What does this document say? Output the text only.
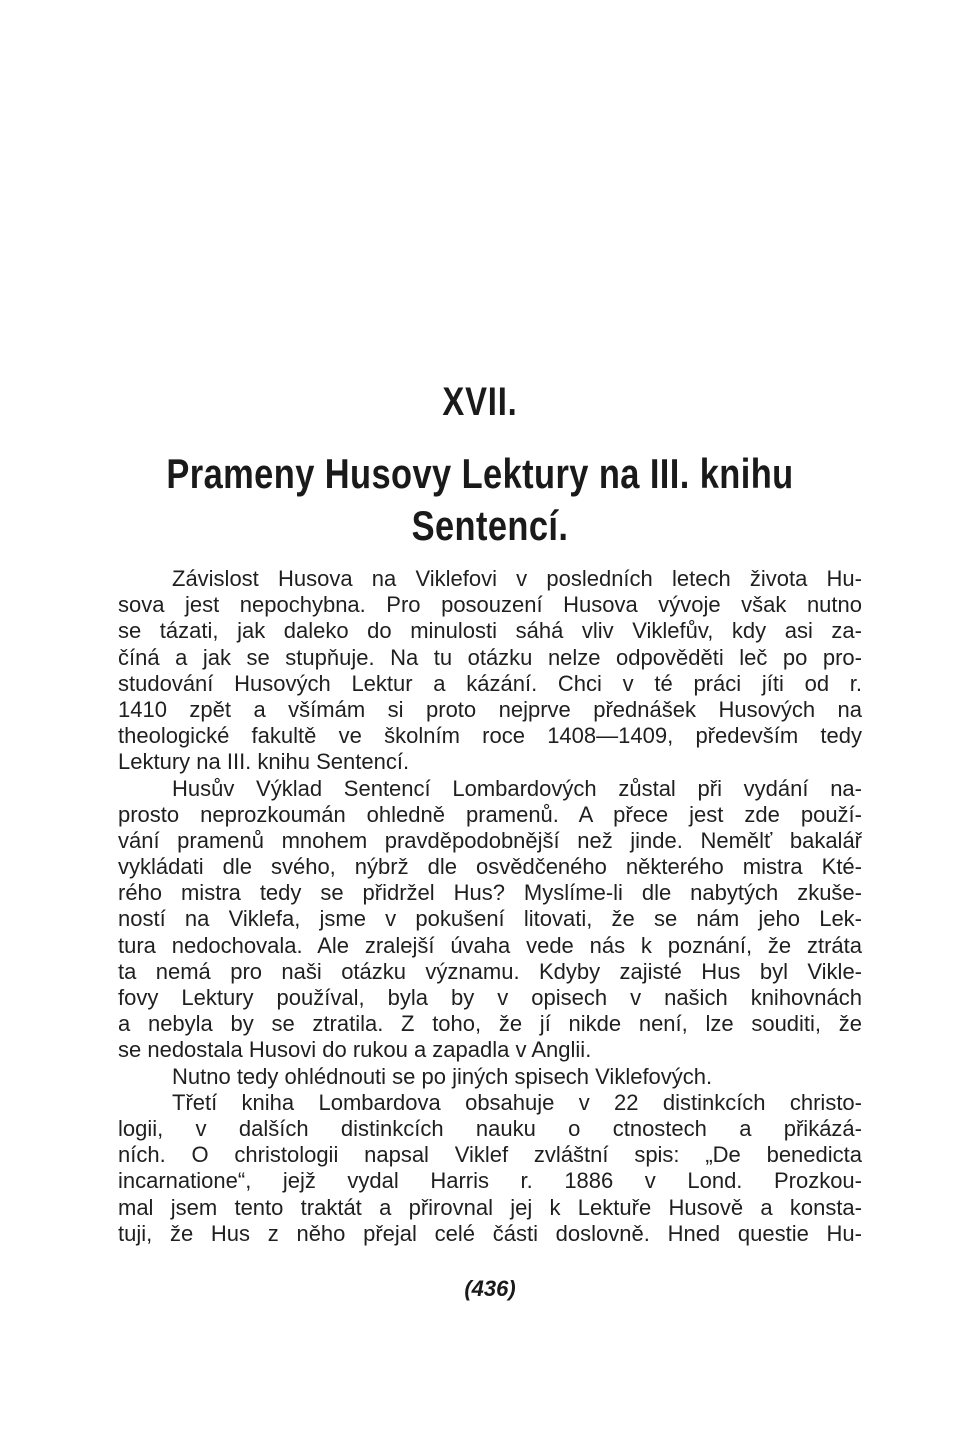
XVII.
Prameny Husovy Lektury na III. knihu
Sentencí.
Závislost Husova na Viklefovi v posledních letech života Hu-
sova jest nepochybna. Pro posouzení Husova vývoje však nutno
se tázati, jak daleko do minulosti sáhá vliv Viklefův, kdy asi za-
číná a jak se stupňuje. Na tu otázku nelze odpověděti leč po pro-
studování Husových Lektur a kázání. Chci v té práci jíti od r.
1410 zpět a všímám si proto nejprve přednášek Husových na
theologické fakultě ve školním roce 1408—1409, především tedy
Lektury na III. knihu Sentencí.
Husův Výklad Sentencí Lombardových zůstal při vydání na-
prosto neprozkoumán ohledně pramenů. A přece jest zde použí-
vání pramenů mnohem pravděpodobnější než jinde. Nemělť bakalář
vykládati dle svého, nýbrž dle osvědčeného některého mistra Kté-
rého mistra tedy se přidržel Hus? Myslíme-li dle nabytých zkuše-
ností na Viklefa, jsme v pokušení litovati, že se nám jeho Lek-
tura nedochovala. Ale zralejší úvaha vede nás k poznání, že ztráta
ta nemá pro naši otázku významu. Kdyby zajisté Hus byl Vikle-
fovy Lektury používal, byla by v opisech v našich knihovnách
a nebyla by se ztratila. Z toho, že jí nikde není, lze souditi, že
se nedostala Husovi do rukou a zapadla v Anglii.
Nutno tedy ohlédnouti se po jiných spisech Viklefových.
Třetí kniha Lombardova obsahuje v 22 distinkcích christo-
logii, v dalších distinkcích nauku o ctnostech a přikázá-
ních. O christologii napsal Viklef zvláštní spis: „De benedicta
incarnatione“, jejž vydal Harris r. 1886 v Lond. Prozkou-
mal jsem tento traktát a přirovnal jej k Lektuře Husově a konsta-
tuji, že Hus z něho přejal celé části doslovně. Hned questie Hu-
(436)
